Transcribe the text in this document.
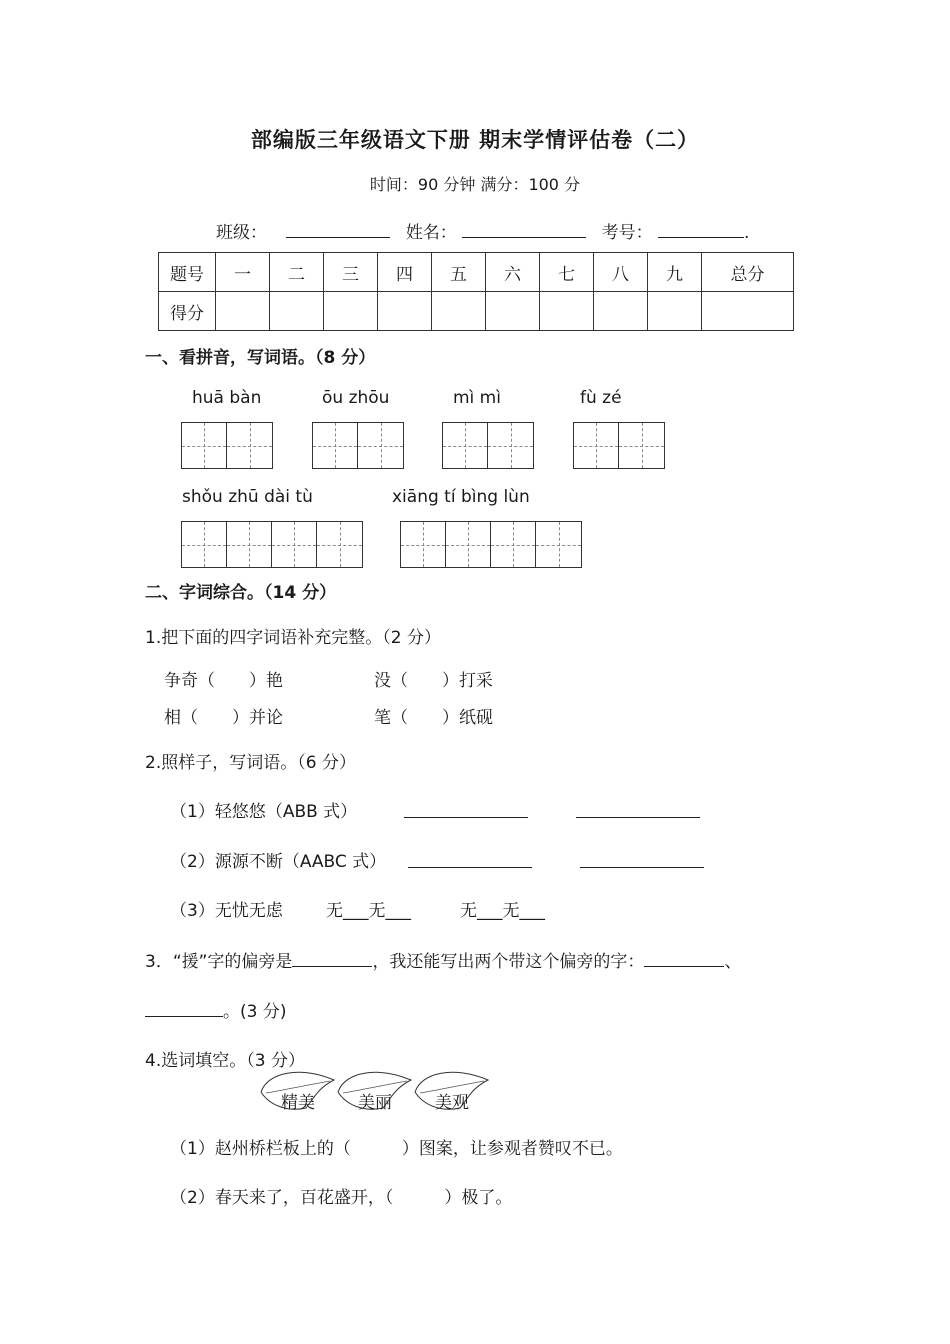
部编版三年级语文下册 期末学情评估卷（二）
时间：90 分钟 满分：100 分
班级：	姓名：	考号：	.
题号	一	二	三	四	五	六	七	八	九	总分
得分										
一、看拼音，写词语。（8 分）
huā bàn	ōu zhōu	mì mì	fù zé
shǒu zhū dài tù	xiāng tí bìng lùn
二、字词综合。（14 分）
1.把下面的四字词语补充完整。（2 分）
争奇（　　）艳	没（　　）打采
相（　　）并论	笔（　　）纸砚
2.照样子，写词语。（6 分）
（1）轻悠悠（ABB 式）
（2）源源不断（AABC 式）
（3）无忧无虑	无___无___	无___无___
3．“援”字的偏旁是	，我还能写出两个带这个偏旁的字：	、
。(3 分)
4.选词填空。（3 分）
精美	美丽	美观
（1）赵州桥栏板上的（　　　）图案，让参观者赞叹不已。
（2）春天来了，百花盛开，（　　　）极了。
